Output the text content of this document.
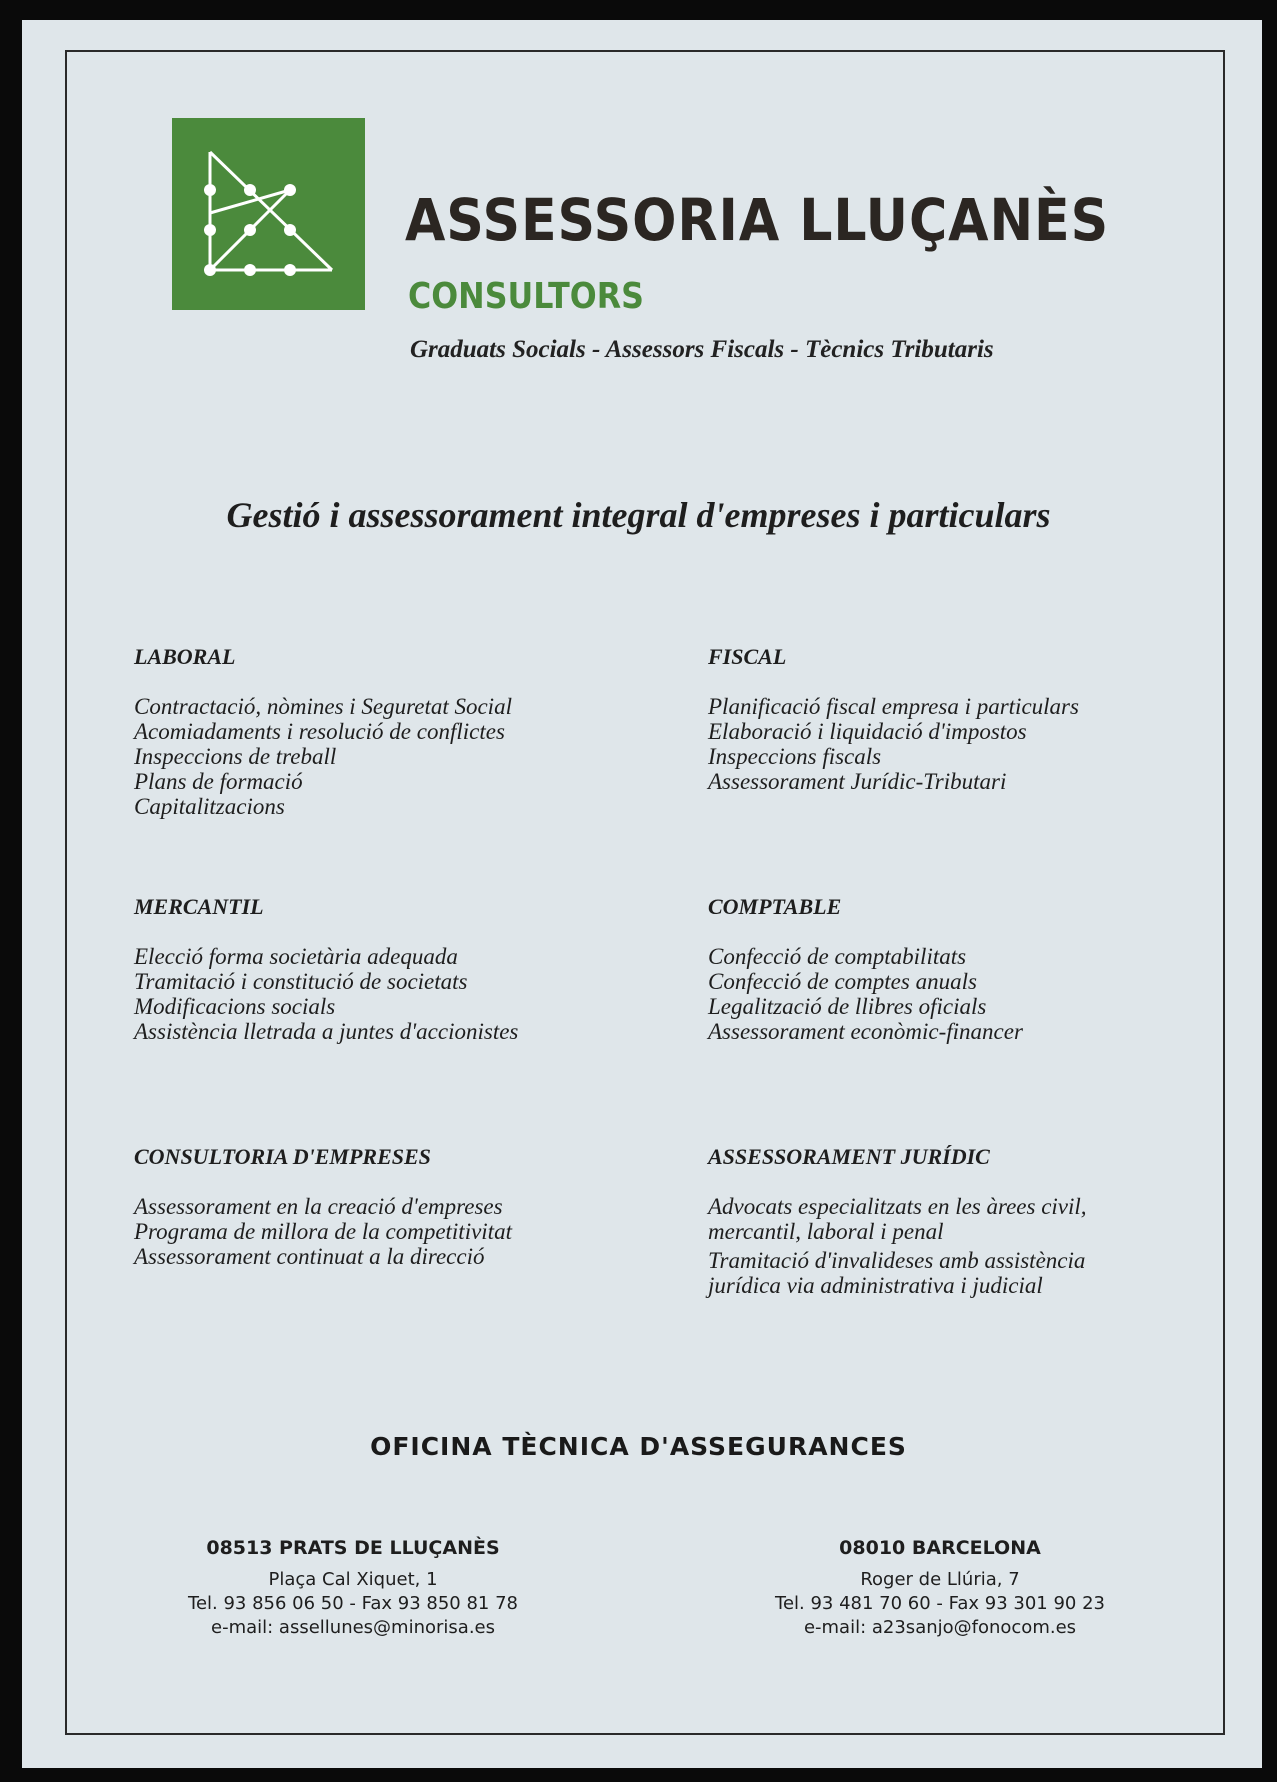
ASSESSORIA LLUÇANÈS
CONSULTORS
Graduats Socials - Assessors Fiscals - Tècnics Tributaris
Gestió i assessorament integral d'empreses i particulars
LABORAL
Contractació, nòmines i Seguretat Social
Acomiadaments i resolució de conflictes
Inspeccions de treball
Plans de formació
Capitalitzacions
FISCAL
Planificació fiscal empresa i particulars
Elaboració i liquidació d'impostos
Inspeccions fiscals
Assessorament Jurídic-Tributari
MERCANTIL
Elecció forma societària adequada
Tramitació i constitució de societats
Modificacions socials
Assistència lletrada a juntes d'accionistes
COMPTABLE
Confecció de comptabilitats
Confecció de comptes anuals
Legalització de llibres oficials
Assessorament econòmic-financer
CONSULTORIA D'EMPRESES
Assessorament en la creació d'empreses
Programa de millora de la competitivitat
Assessorament continuat a la direcció
ASSESSORAMENT JURÍDIC
Advocats especialitzats en les àrees civil, mercantil, laboral i penal
Tramitació d'invalideses amb assistència jurídica via administrativa i judicial
OFICINA TÈCNICA D'ASSEGURANCES
08513 PRATS DE LLUÇANÈS
Plaça Cal Xiquet, 1
Tel. 93 856 06 50 - Fax 93 850 81 78
e-mail: assellunes@minorisa.es
08010 BARCELONA
Roger de Llúria, 7
Tel. 93 481 70 60 - Fax 93 301 90 23
e-mail: a23sanjo@fonocom.es
